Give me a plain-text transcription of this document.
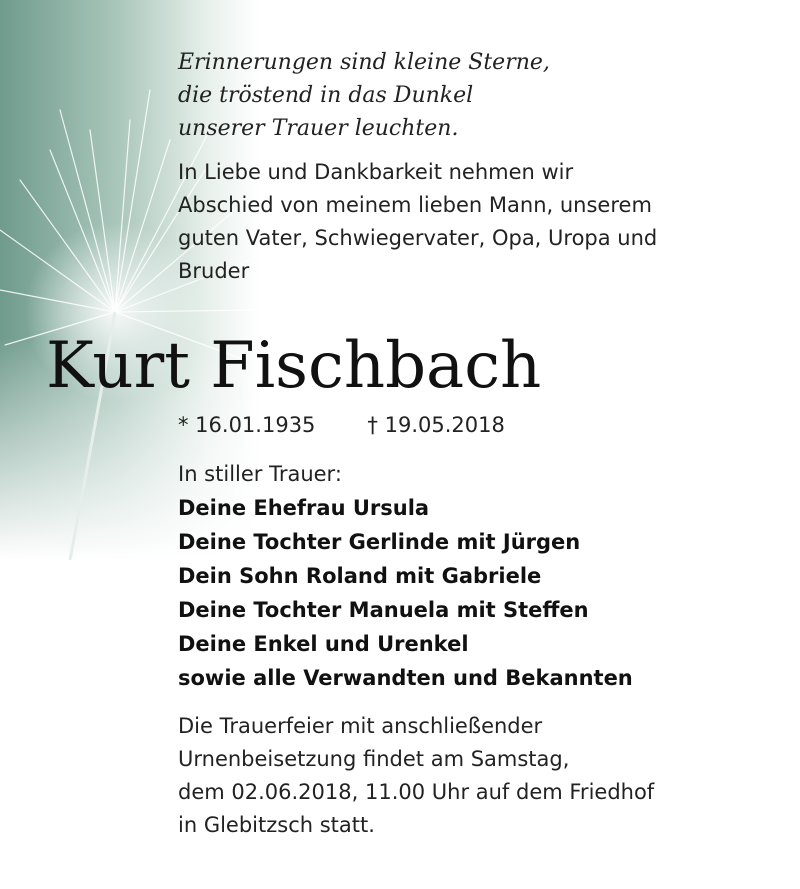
Erinnerungen sind kleine Sterne,
die tröstend in das Dunkel
unserer Trauer leuchten.

In Liebe und Dankbarkeit nehmen wir
Abschied von meinem lieben Mann, unserem
guten Vater, Schwiegervater, Opa, Uropa und
Bruder

Kurt Fischbach
* 16.01.1935 † 19.05.2018

In stiller Trauer:

Deine Ehefrau Ursula
Deine Tochter Gerlinde mit Jürgen
Dein Sohn Roland mit Gabriele
Deine Tochter Manuela mit Steffen
Deine Enkel und Urenkel
sowie alle Verwandten und Bekannten

Die Trauerfeier mit anschließender
Urnenbeisetzung findet am Samstag,
dem 02.06.2018, 11.00 Uhr auf dem Friedhof
in Glebitzsch statt.
